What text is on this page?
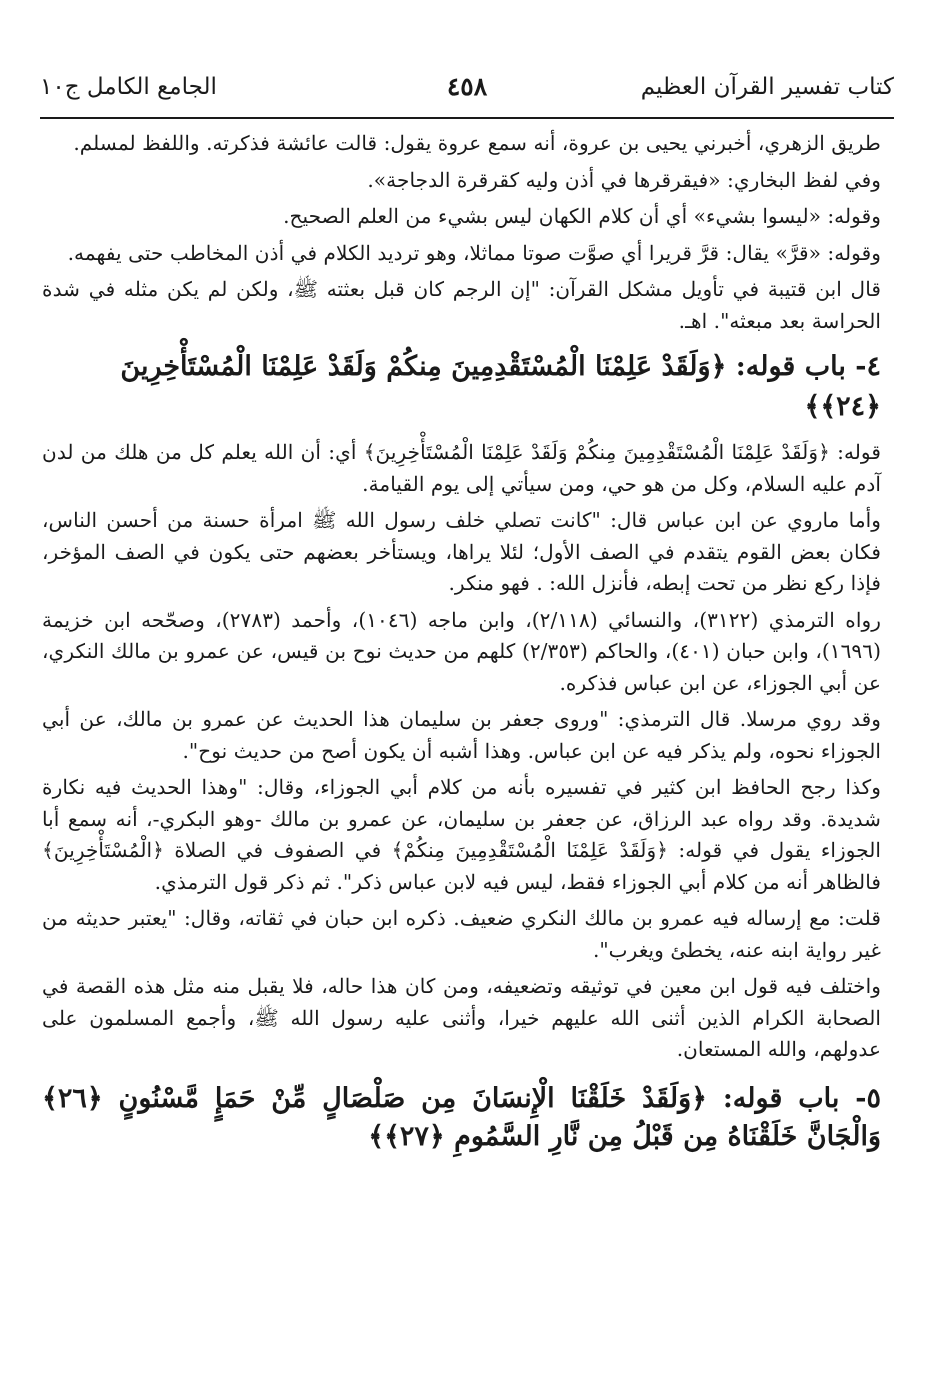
كتاب تفسير القرآن العظيم
٤٥٨
الجامع الكامل ج١٠

طريق الزهري، أخبرني يحيى بن عروة، أنه سمع عروة يقول: قالت عائشة فذكرته. واللفظ لمسلم.

وفي لفظ البخاري: «فيقرقرها في أذن وليه كقرقرة الدجاجة».

وقوله: «ليسوا بشيء» أي أن كلام الكهان ليس بشيء من العلم الصحيح.

وقوله: «قرَّ» يقال: قرَّ قريرا أي صوَّت صوتا مماثلا، وهو ترديد الكلام في أذن المخاطب حتى يفهمه.

قال ابن قتيبة في تأويل مشكل القرآن: "إن الرجم كان قبل بعثته ﷺ، ولكن لم يكن مثله في شدة الحراسة بعد مبعثه". اهـ.

٤- باب قوله: ﴿وَلَقَدْ عَلِمْنَا الْمُسْتَقْدِمِينَ مِنكُمْ وَلَقَدْ عَلِمْنَا الْمُسْتَأْخِرِينَ ﴿٢٤﴾﴾

قوله: ﴿وَلَقَدْ عَلِمْنَا الْمُسْتَقْدِمِينَ مِنكُمْ وَلَقَدْ عَلِمْنَا الْمُسْتَأْخِرِينَ﴾ أي: أن الله يعلم كل من هلك من لدن آدم عليه السلام، وكل من هو حي، ومن سيأتي إلى يوم القيامة.

وأما ماروي عن ابن عباس قال: "كانت تصلي خلف رسول الله ﷺ امرأة حسنة من أحسن الناس، فكان بعض القوم يتقدم في الصف الأول؛ لئلا يراها، ويستأخر بعضهم حتى يكون في الصف المؤخر، فإذا ركع نظر من تحت إبطه، فأنزل الله: . فهو منكر.

رواه الترمذي (٣١٢٢)، والنسائي (٢/١١٨)، وابن ماجه (١٠٤٦)، وأحمد (٢٧٨٣)، وصحّحه ابن خزيمة (١٦٩٦)، وابن حبان (٤٠١)، والحاكم (٢/٣٥٣) كلهم من حديث نوح بن قيس، عن عمرو بن مالك النكري، عن أبي الجوزاء، عن ابن عباس فذكره.

وقد روي مرسلا. قال الترمذي: "وروى جعفر بن سليمان هذا الحديث عن عمرو بن مالك، عن أبي الجوزاء نحوه، ولم يذكر فيه عن ابن عباس. وهذا أشبه أن يكون أصح من حديث نوح".

وكذا رجح الحافظ ابن كثير في تفسيره بأنه من كلام أبي الجوزاء، وقال: "وهذا الحديث فيه نكارة شديدة. وقد رواه عبد الرزاق، عن جعفر بن سليمان، عن عمرو بن مالك -وهو البكري-، أنه سمع أبا الجوزاء يقول في قوله: ﴿وَلَقَدْ عَلِمْنَا الْمُسْتَقْدِمِينَ مِنكُمْ﴾ في الصفوف في الصلاة ﴿الْمُسْتَأْخِرِينَ﴾ فالظاهر أنه من كلام أبي الجوزاء فقط، ليس فيه لابن عباس ذكر". ثم ذكر قول الترمذي.

قلت: مع إرساله فيه عمرو بن مالك النكري ضعيف. ذكره ابن حبان في ثقاته، وقال: "يعتبر حديثه من غير رواية ابنه عنه، يخطئ ويغرب".

واختلف فيه قول ابن معين في توثيقه وتضعيفه، ومن كان هذا حاله، فلا يقبل منه مثل هذه القصة في الصحابة الكرام الذين أثنى الله عليهم خيرا، وأثنى عليه رسول الله ﷺ، وأجمع المسلمون على عدولهم، والله المستعان.

٥- باب قوله: ﴿وَلَقَدْ خَلَقْنَا الْإِنسَانَ مِن صَلْصَالٍ مِّنْ حَمَإٍ مَّسْنُونٍ ﴿٢٦﴾ وَالْجَانَّ خَلَقْنَاهُ مِن قَبْلُ مِن نَّارِ السَّمُومِ ﴿٢٧﴾﴾
